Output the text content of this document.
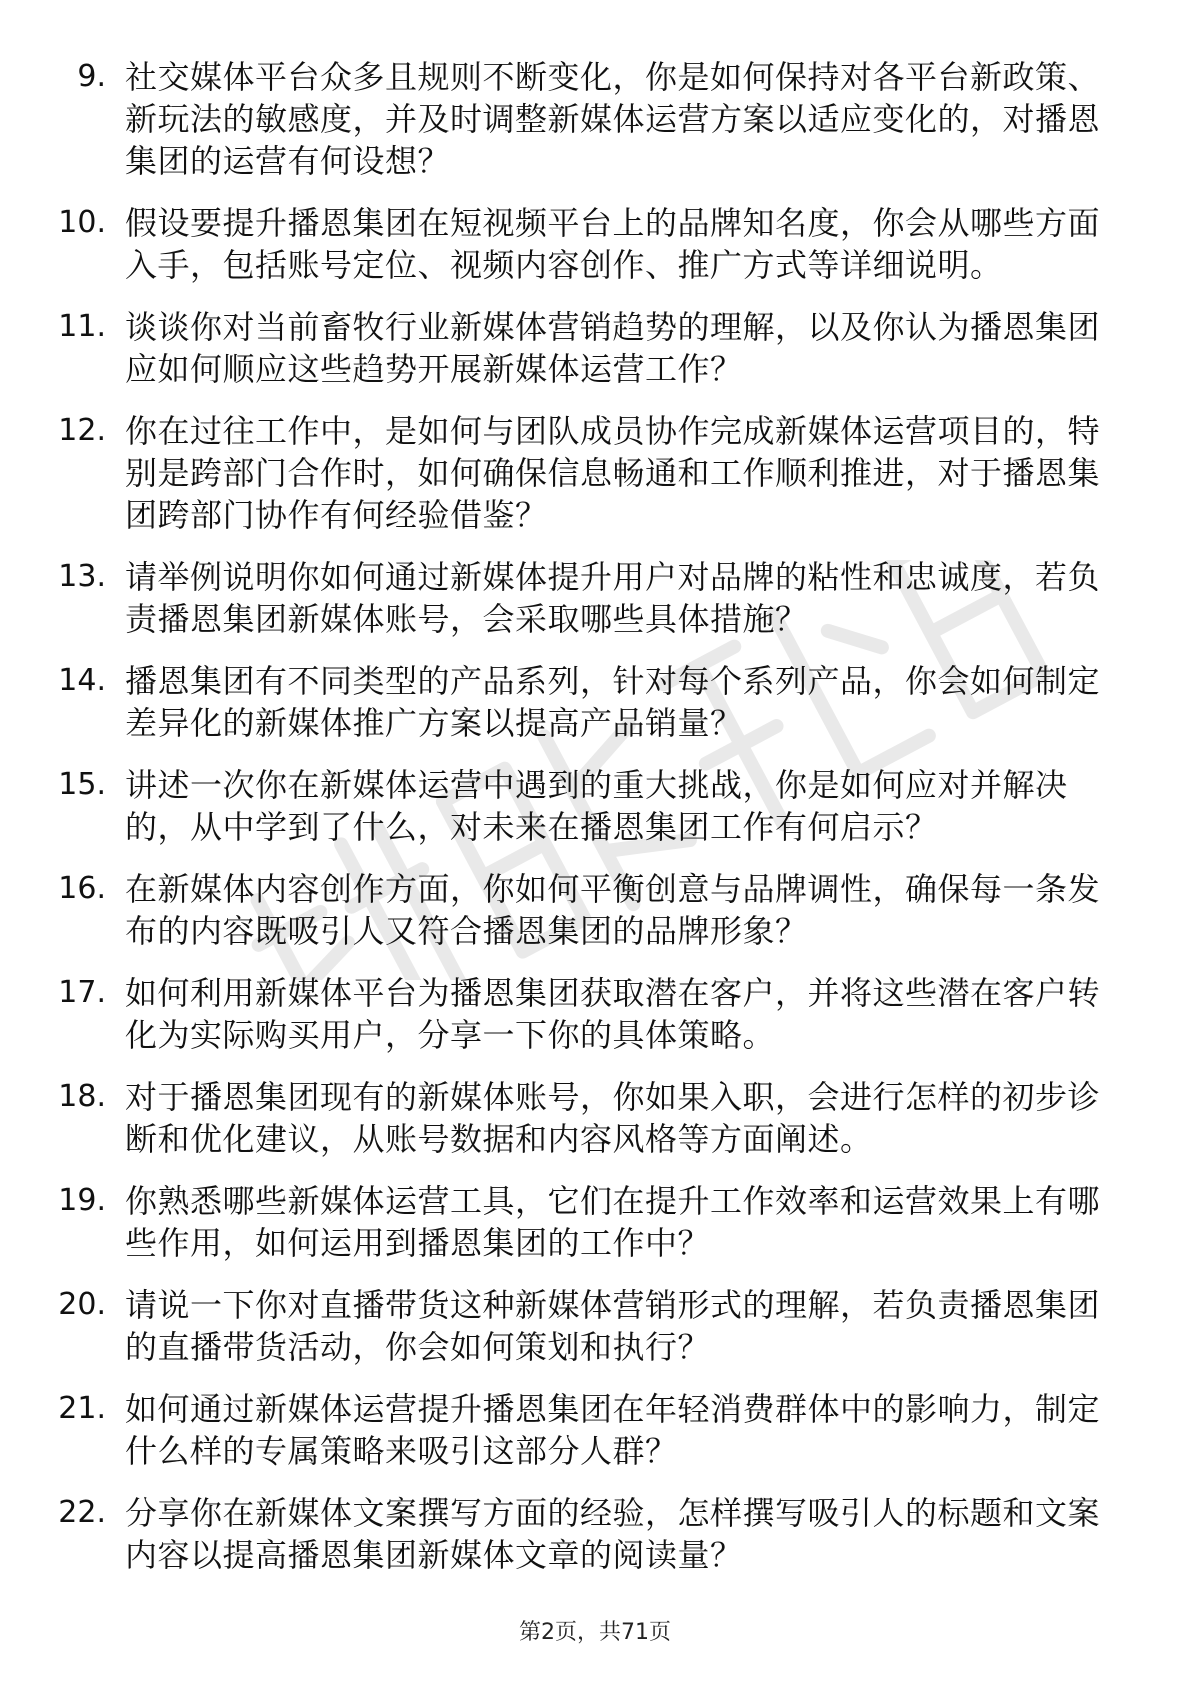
9. 社交媒体平台众多且规则不断变化，你是如何保持对各平台新政策、新玩法的敏感度，并及时调整新媒体运营方案以适应变化的，对播恩集团的运营有何设想？
10. 假设要提升播恩集团在短视频平台上的品牌知名度，你会从哪些方面入手，包括账号定位、视频内容创作、推广方式等详细说明。
11. 谈谈你对当前畜牧行业新媒体营销趋势的理解，以及你认为播恩集团应如何顺应这些趋势开展新媒体运营工作？
12. 你在过往工作中，是如何与团队成员协作完成新媒体运营项目的，特别是跨部门合作时，如何确保信息畅通和工作顺利推进，对于播恩集团跨部门协作有何经验借鉴？
13. 请举例说明你如何通过新媒体提升用户对品牌的粘性和忠诚度，若负责播恩集团新媒体账号，会采取哪些具体措施？
14. 播恩集团有不同类型的产品系列，针对每个系列产品，你会如何制定差异化的新媒体推广方案以提高产品销量？
15. 讲述一次你在新媒体运营中遇到的重大挑战，你是如何应对并解决的，从中学到了什么，对未来在播恩集团工作有何启示？
16. 在新媒体内容创作方面，你如何平衡创意与品牌调性，确保每一条发布的内容既吸引人又符合播恩集团的品牌形象？
17. 如何利用新媒体平台为播恩集团获取潜在客户，并将这些潜在客户转化为实际购买用户，分享一下你的具体策略。
18. 对于播恩集团现有的新媒体账号，你如果入职，会进行怎样的初步诊断和优化建议，从账号数据和内容风格等方面阐述。
19. 你熟悉哪些新媒体运营工具，它们在提升工作效率和运营效果上有哪些作用，如何运用到播恩集团的工作中？
20. 请说一下你对直播带货这种新媒体营销形式的理解，若负责播恩集团的直播带货活动，你会如何策划和执行？
21. 如何通过新媒体运营提升播恩集团在年轻消费群体中的影响力，制定什么样的专属策略来吸引这部分人群？
22. 分享你在新媒体文案撰写方面的经验，怎样撰写吸引人的标题和文案内容以提高播恩集团新媒体文章的阅读量？
第2页，共71页
